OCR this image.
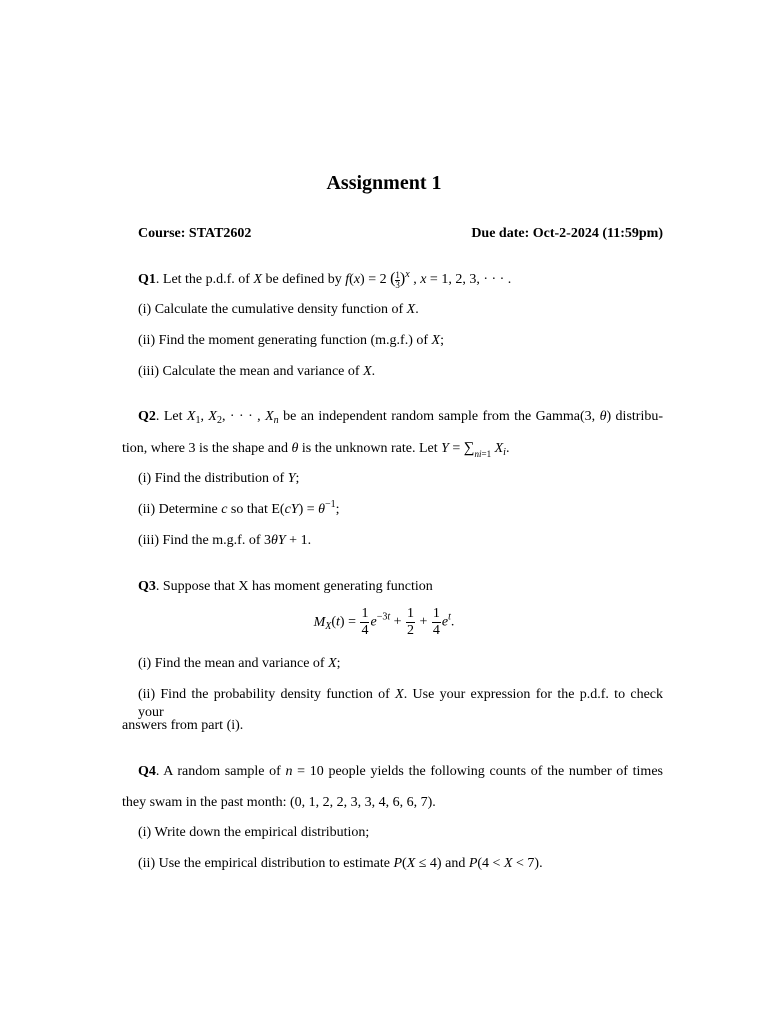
Assignment 1
Course: STAT2602	Due date: Oct-2-2024 (11:59pm)
Q1. Let the p.d.f. of X be defined by f(x) = 2 ( $\frac{1}{3})^x$ , x = 1, 2, 3, · · · .
(i) Calculate the cumulative density function of X.
(ii) Find the moment generating function (m.g.f.) of X;
(iii) Calculate the mean and variance of X.
Q2. Let $X_1$, $X_2$, · · · , $X_n$ be an independent random sample from the Gamma(3, θ) distribu-
tion, where 3 is the shape and θ is the unknown rate. Let Y = ∑ni=1 $X_i$.
(i) Find the distribution of Y;
(ii) Determine c so that $E(cY) = \theta^{-1}$;
(iii) Find the m.g.f. of 3θY + 1.
Q3. Suppose that X has moment generating function
$M_X(t) = \frac{1}{4} e^{-3t} + \frac{1}{2} + \frac{1}{4} e^t$.
(i) Find the mean and variance of X;
(ii) Find the probability density function of X. Use your expression for the p.d.f. to check your
answers from part (i).
Q4. A random sample of n = 10 people yields the following counts of the number of times
they swam in the past month: (0, 1, 2, 2, 3, 3, 4, 6, 6, 7).
(i) Write down the empirical distribution;
(ii) Use the empirical distribution to estimate P(X ≤ 4) and P(4 < X < 7).
